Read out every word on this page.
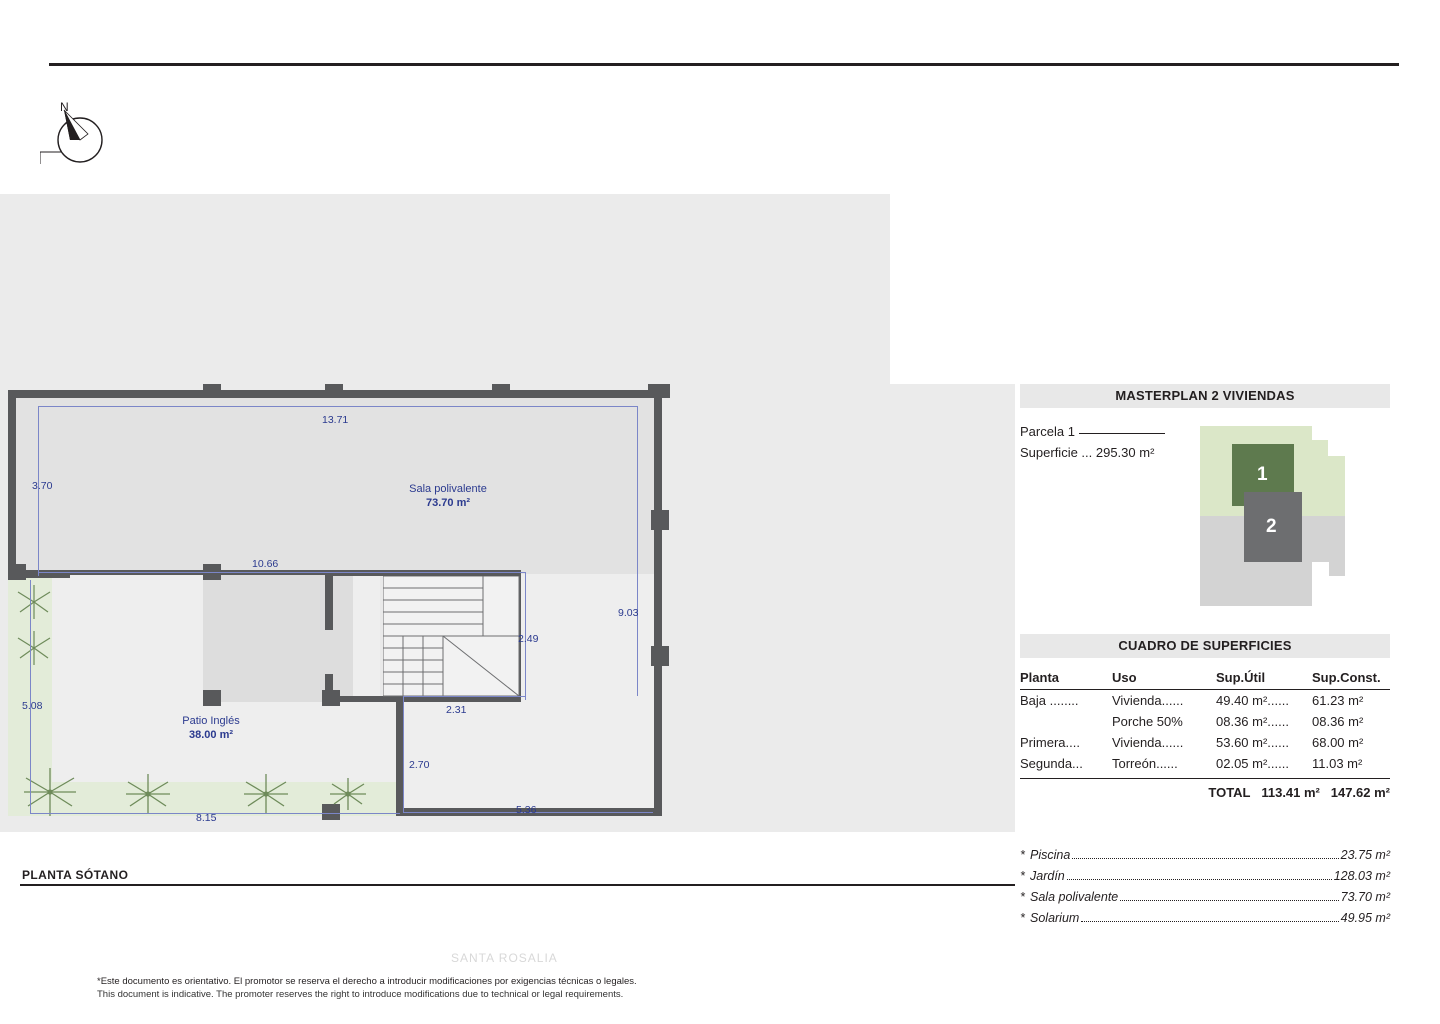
N
13.71
3.70
10.66
9.03
2.49
2.31
2.70
5.08
8.15
5.36
Sala polivalente
73.70 m²
Patio Inglés
38.00 m²
PLANTA SÓTANO
SANTA ROSALIA
MASTERPLAN 2 VIVIENDAS
Parcela 1
Superficie ... 295.30 m²
1
2
CUADRO DE SUPERFICIES
Planta	Uso	Sup.Útil	Sup.Const.
Baja ........	Vivienda......	49.40 m²......	61.23 m²
	Porche 50%	08.36 m²......	08.36 m²
Primera....	Vivienda......	53.60 m²......	68.00 m²
Segunda...	Torreón......	02.05 m²......	11.03 m²
TOTAL 113.41 m² 147.62 m²
* Piscina	23.75 m²
* Jardín	128.03 m²
* Sala polivalente	73.70 m²
* Solarium	49.95 m²
*Este documento es orientativo. El promotor se reserva el derecho a introducir modificaciones por exigencias técnicas o legales.
This document is indicative. The promoter reserves the right to introduce modifications due to technical or legal requirements.
